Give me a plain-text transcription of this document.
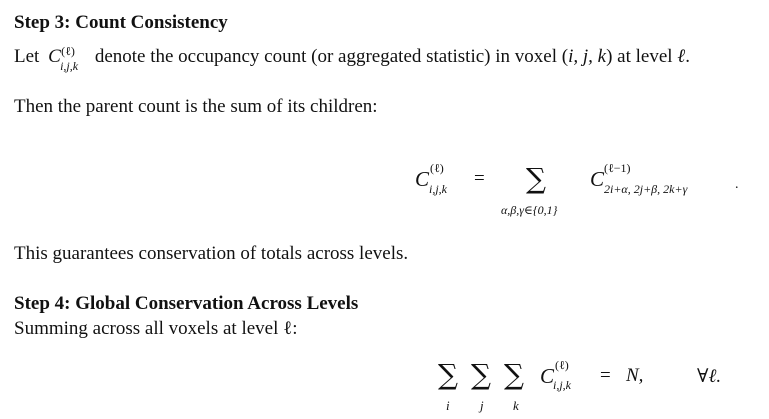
Step 3: Count Consistency
Let C (ℓ)
i,j,k denote the occupancy count (or aggregated statistic) in voxel (i, j, k) at level ℓ.
Then the parent count is the sum of its children:
C (ℓ)
i,j,k = ∑
α,β,γ∈{0,1}
C (ℓ−1)
2i+α, 2j+β, 2k+γ	.
This guarantees conservation of totals across levels.
Step 4: Global Conservation Across Levels
Summing across all voxels at level ℓ:
∑ ∑ ∑
i j k
C (ℓ)
i,j,k = N,	∀ℓ.
